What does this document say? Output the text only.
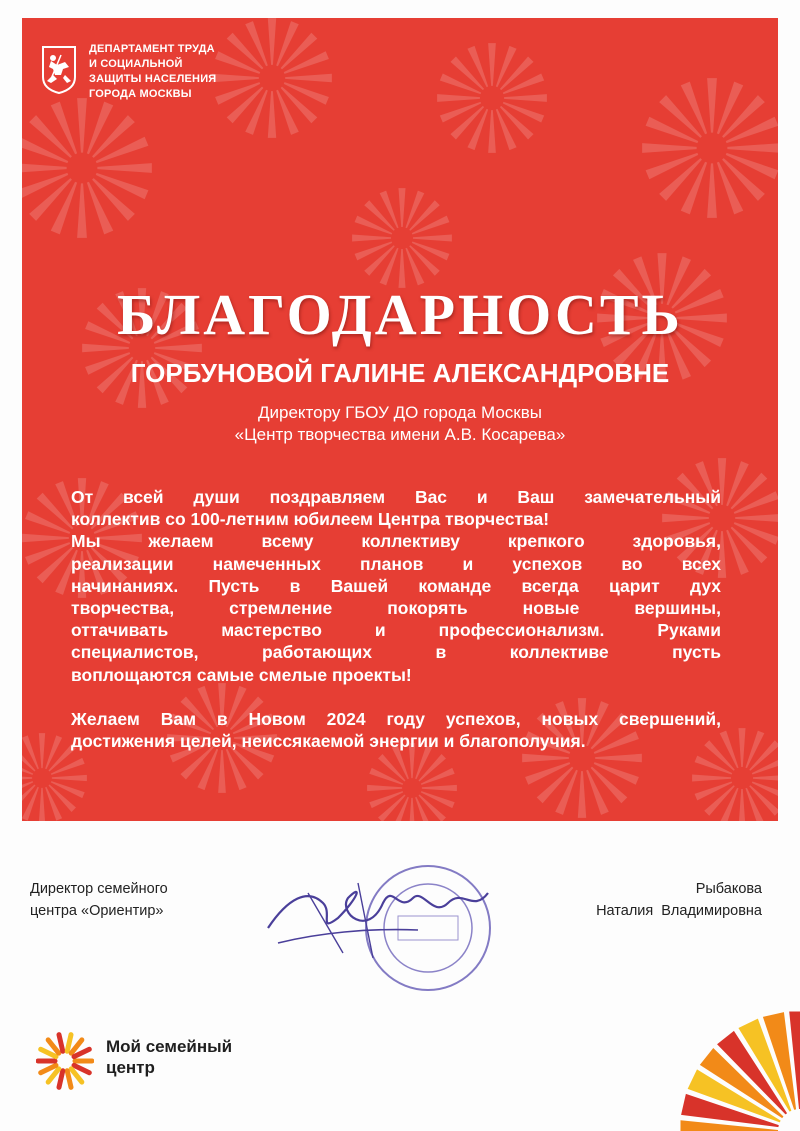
ДЕПАРТАМЕНТ ТРУДА
И СОЦИАЛЬНОЙ
ЗАЩИТЫ НАСЕЛЕНИЯ
ГОРОДА МОСКВЫ
БЛАГОДАРНОСТЬ
ГОРБУНОВОЙ ГАЛИНЕ АЛЕКСАНДРОВНЕ
Директору ГБОУ ДО города Москвы
«Центр творчества имени А.В. Косарева»

От всей души поздравляем Вас и Ваш замечательный
коллектив со 100-летним юбилеем Центра творчества!

Мы желаем всему коллективу крепкого здоровья,
реализации намеченных планов и успехов во всех
начинаниях. Пусть в Вашей команде всегда царит дух
творчества, стремление покорять новые вершины,
оттачивать мастерство и профессионализм. Руками
специалистов, работающих в коллективе пусть
воплощаются самые смелые проекты!

Желаем Вам в Новом 2024 году успехов, новых свершений,
достижения целей, неиссякаемой энергии и благополучия.

Директор семейного
центра «Ориентир»
Рыбакова
Наталия Владимировна
Мой семейный
центр
